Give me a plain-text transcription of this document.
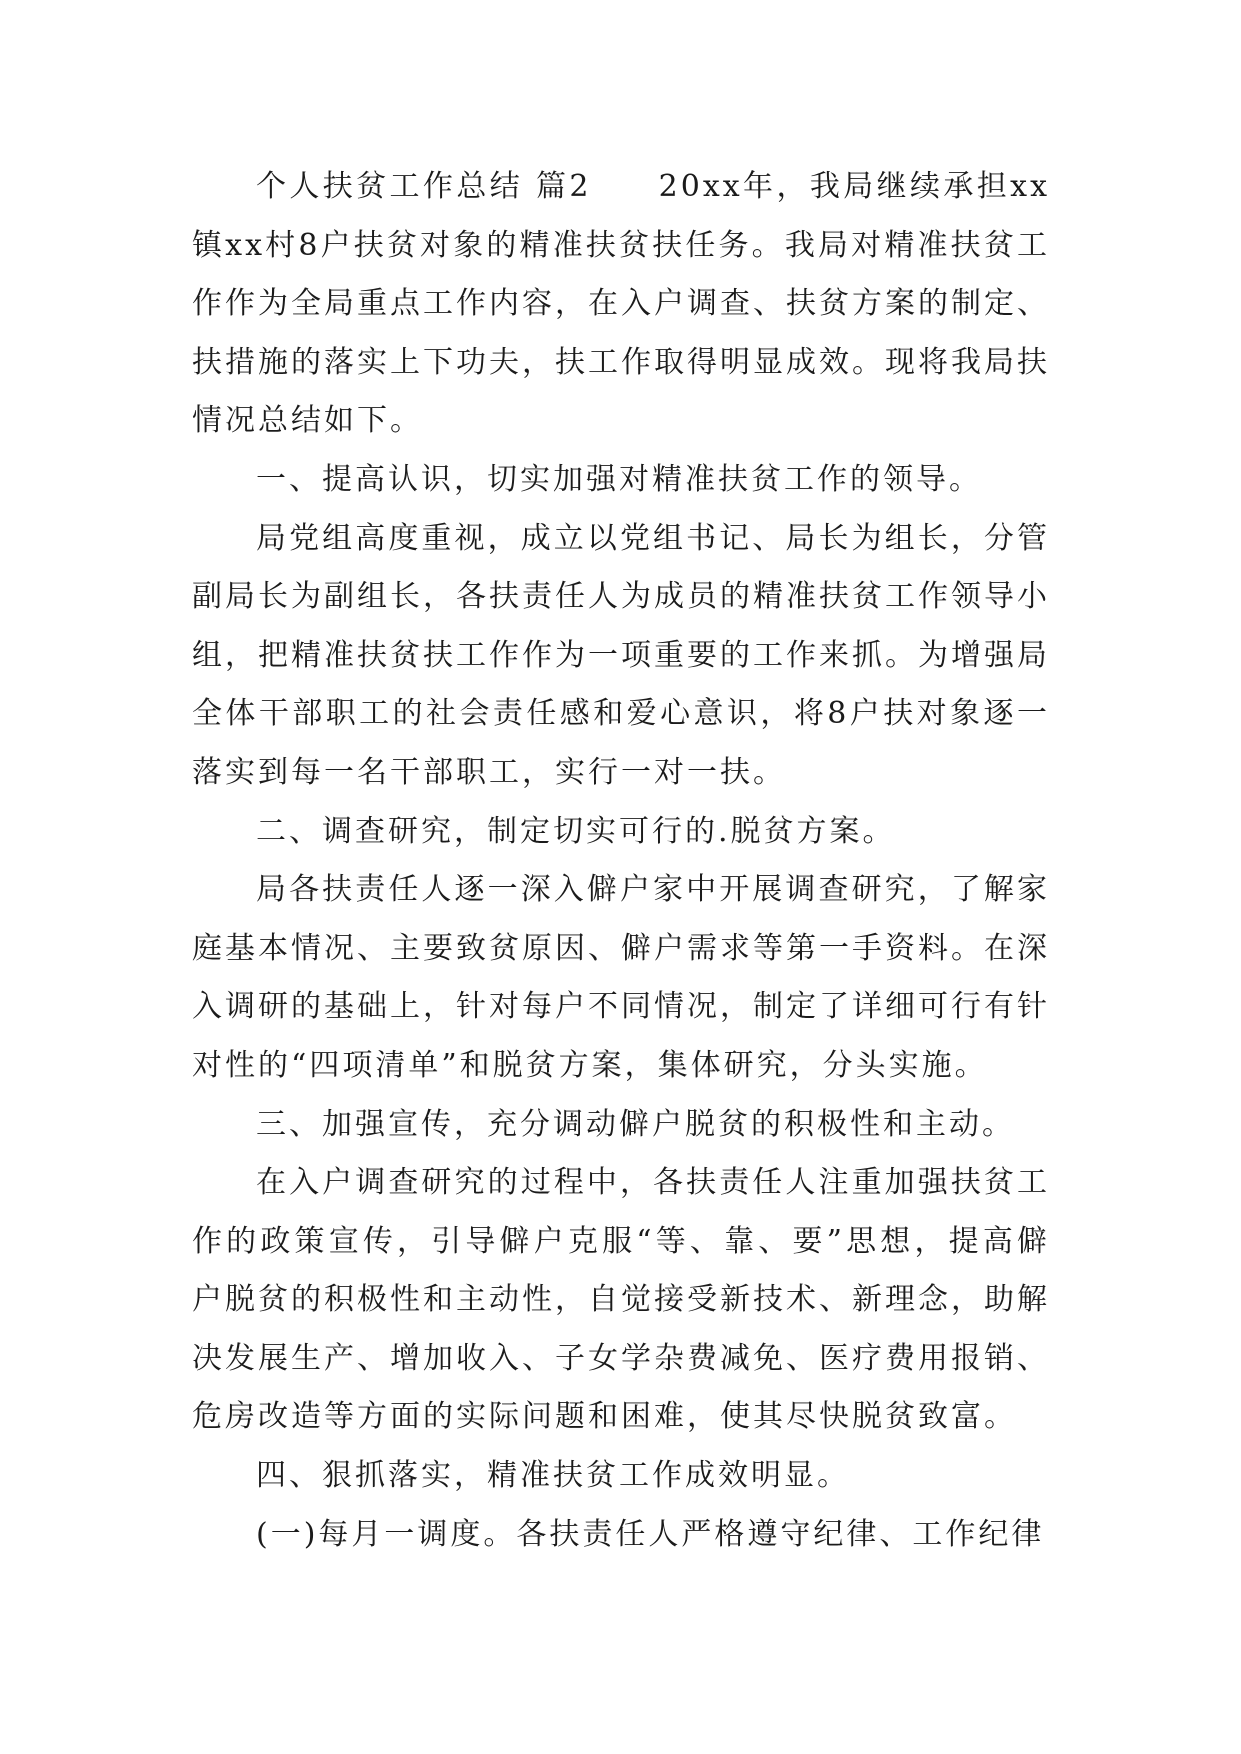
个人扶贫工作总结 篇2　　20xx年，我局继续承担xx镇xx村8户扶贫对象的精准扶贫扶任务。我局对精准扶贫工作作为全局重点工作内容，在入户调查、扶贫方案的制定、扶措施的落实上下功夫，扶工作取得明显成效。现将我局扶情况总结如下。

一、提高认识，切实加强对精准扶贫工作的领导。

局党组高度重视，成立以党组书记、局长为组长，分管副局长为副组长，各扶责任人为成员的精准扶贫工作领导小组，把精准扶贫扶工作作为一项重要的工作来抓。为增强局全体干部职工的社会责任感和爱心意识，将8户扶对象逐一落实到每一名干部职工，实行一对一扶。

二、调查研究，制定切实可行的.脱贫方案。

局各扶责任人逐一深入僻户家中开展调查研究，了解家庭基本情况、主要致贫原因、僻户需求等第一手资料。在深入调研的基础上，针对每户不同情况，制定了详细可行有针对性的“四项清单”和脱贫方案，集体研究，分头实施。

三、加强宣传，充分调动僻户脱贫的积极性和主动。

在入户调查研究的过程中，各扶责任人注重加强扶贫工作的政策宣传，引导僻户克服“等、靠、要”思想，提高僻户脱贫的积极性和主动性，自觉接受新技术、新理念，助解决发展生产、增加收入、子女学杂费减免、医疗费用报销、危房改造等方面的实际问题和困难，使其尽快脱贫致富。

四、狠抓落实，精准扶贫工作成效明显。

(一)每月一调度。各扶责任人严格遵守纪律、工作纪律
